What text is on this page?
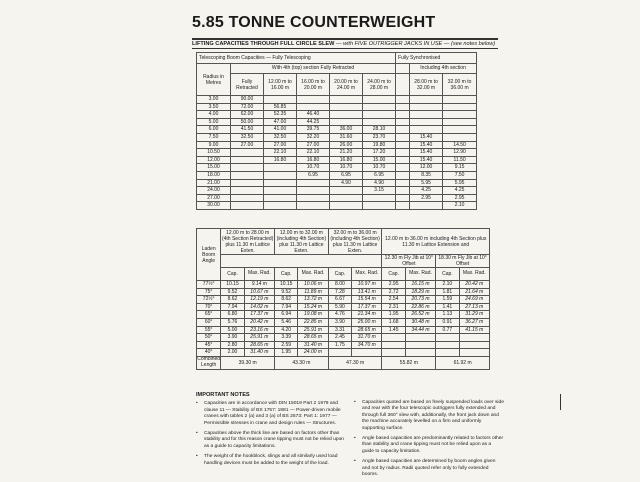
5.85 TONNE COUNTERWEIGHT
LIFTING CAPACITIES THROUGH FULL CIRCLE SLEW — with FIVE OUTRIGGER JACKS IN USE — (see notes below)
Telescoping Boom Capacities — Fully Telescoping						Fully Synchronised		
Radius in Metres	With 4th (top) section Fully Retracted						Including 4th section	
	Fully Retracted	12.00 m to 16.00 m	16.00 m to 20.00 m	20.00 m to 24.00 m	24.00 m to 28.00 m		28.00 m to 32.00 m	32.00 m to 36.00 m
3.00	90.00							
3.50	72.00	56.85						
4.00	62.00	52.35	46.40					
5.00	50.00	47.00	44.25					
6.00	41.50	41.00	39.75	36.00	28.10			
7.50	32.50	32.50	32.20	31.60	23.70		15.40	
9.00	27.00	27.00	27.00	26.00	19.80		15.40	14.50
10.50		22.10	22.10	21.20	17.20		15.40	12.90
12.00		16.80	16.80	16.80	15.00		15.40	11.50
15.00			10.70	10.70	10.70		12.00	9.15
18.00			6.95	6.95	6.95		8.35	7.50
21.00				4.90	4.90		5.95	5.95
24.00					3.15		4.25	4.25
27.00							2.95	2.95
30.00								2.10
Laden Boom Angle	12.00 m to 28.00 m (4th Section Retracted) plus 11.30 m Lattice Exten.		12.00 m to 32.00 m (including 4th Section) plus 11.30 m Lattice Exten.		32.00 m to 36.00 m (including 4th Section) plus 11.30 m Lattice Exten.		12.00 m to 36.00 m including 4th Section plus 11.30 m Lattice Extension and			
							12.30 m Fly Jib at 10° Offset		18.30 m Fly Jib at 10° Offset	
	Cap.	Max. Rad.	Cap.	Max. Rad.	Cap.	Max. Rad.	Cap.	Max. Rad.	Cap.	Max. Rad.
77½°	10.15	9.14 m	10.15	10.06 m	8.00	10.97 m	2.95	16.15 m	2.10	20.42 m
75°	9.52	10.67 m	9.52	11.89 m	7.28	13.41 m	2.72	18.29 m	1.81	21.64 m
72½°	8.62	12.19 m	8.62	13.72 m	6.67	15.54 m	2.54	20.73 m	1.59	24.69 m
70°	7.94	14.02 m	7.94	15.24 m	5.90	17.37 m	2.31	22.86 m	1.41	27.13 m
65°	6.80	17.37 m	6.94	19.08 m	4.76	21.34 m	1.95	26.52 m	1.13	31.29 m
60°	5.76	20.42 m	5.46	22.85 m	3.90	25.00 m	1.68	30.48 m	0.91	36.27 m
55°	5.00	23.16 m	4.20	25.91 m	3.31	28.65 m	1.45	34.44 m	0.77	41.15 m
50°	3.90	25.91 m	3.39	28.65 m	2.45	31.70 m				
45°	2.80	28.65 m	2.59	31.40 m	1.75	34.70 m				
40°	2.00	31.40 m	1.95	24.00 m						
Combined Length	39.30 m		43.30 m		47.30 m		55.82 m		61.92 m	
IMPORTANT NOTES

• Capacities are in accordance with DIN 15019 Part 2 1979 and clause 11 — Stability of BS 1757: 1981 — Power-driven mobile cranes with tables 2 (a) and 3 (a) of BS 2573: Part 1: 1977 — Permissible stresses in crane and design rules — Structures.

• Capacities above the thick line are based on factors other than stability and for this reason crane tipping must not be relied upon as a guide to capacity limitations.

• The weight of the hookblock, slings and all similarly used load handling devices must be added to the weight of the load.

• Capacities quoted are based on freely suspended loads over side and rear with the four telescopic outriggers fully extended and through full 360° slew with, additionally, the front jack down and the machine accurately levelled on a firm and uniformly supporting surface.

• Angle based capacities are predominantly related to factors other than stability and crane tipping must not be relied upon as a guide to capacity limitation.

• Angle based capacities are determined by boom angles given and not by radius. Radii quoted refer only to fully extended booms.
